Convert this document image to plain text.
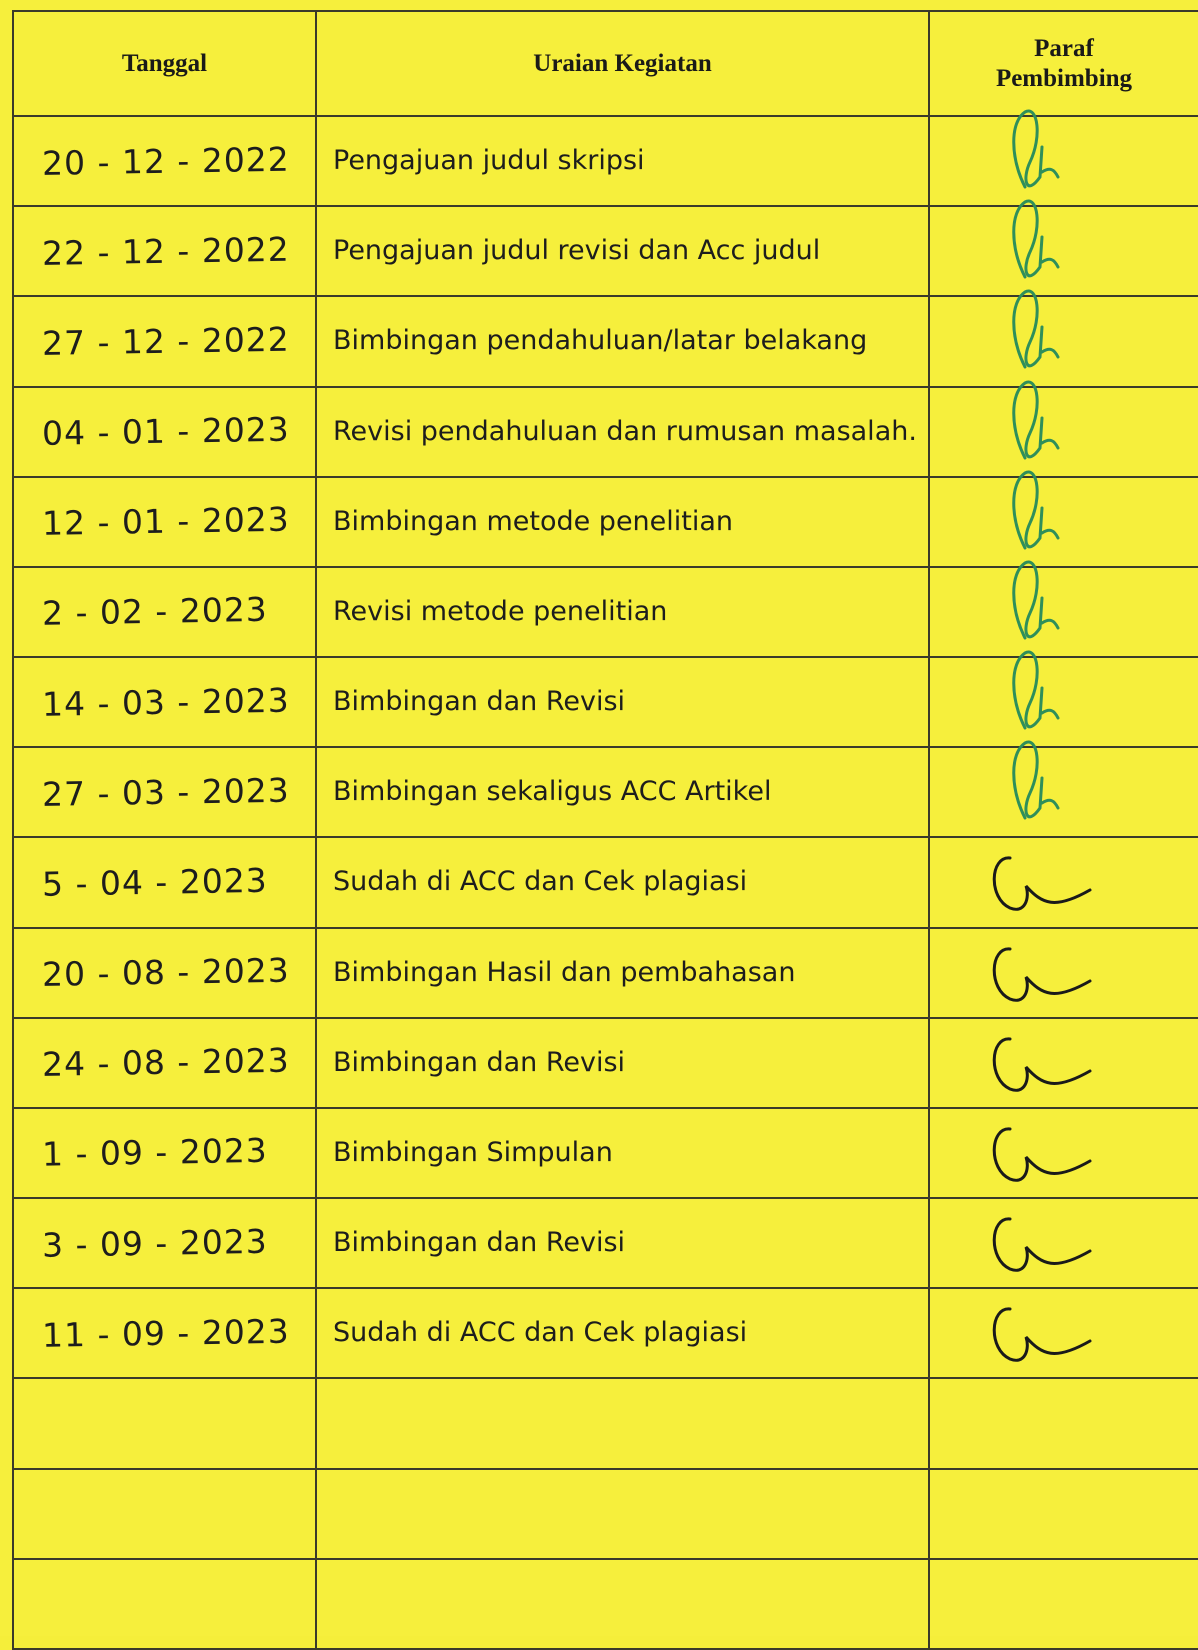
Tanggal	Uraian Kegiatan	Paraf
Pembimbing
20 - 12 - 2022	Pengajuan judul skripsi

22 - 12 - 2022	Pengajuan judul revisi dan Acc judul

27 - 12 - 2022	Bimbingan pendahuluan/latar belakang

04 - 01 - 2023	Revisi pendahuluan dan rumusan masalah.

12 - 01 - 2023	Bimbingan metode penelitian

2 - 02 - 2023	Revisi metode penelitian

14 - 03 - 2023	Bimbingan dan Revisi

27 - 03 - 2023	Bimbingan sekaligus ACC Artikel

5 - 04 - 2023	Sudah di ACC dan Cek plagiasi

20 - 08 - 2023	Bimbingan Hasil dan pembahasan

24 - 08 - 2023	Bimbingan dan Revisi

1 - 09 - 2023	Bimbingan Simpulan

3 - 09 - 2023	Bimbingan dan Revisi

11 - 09 - 2023	Sudah di ACC dan Cek plagiasi
